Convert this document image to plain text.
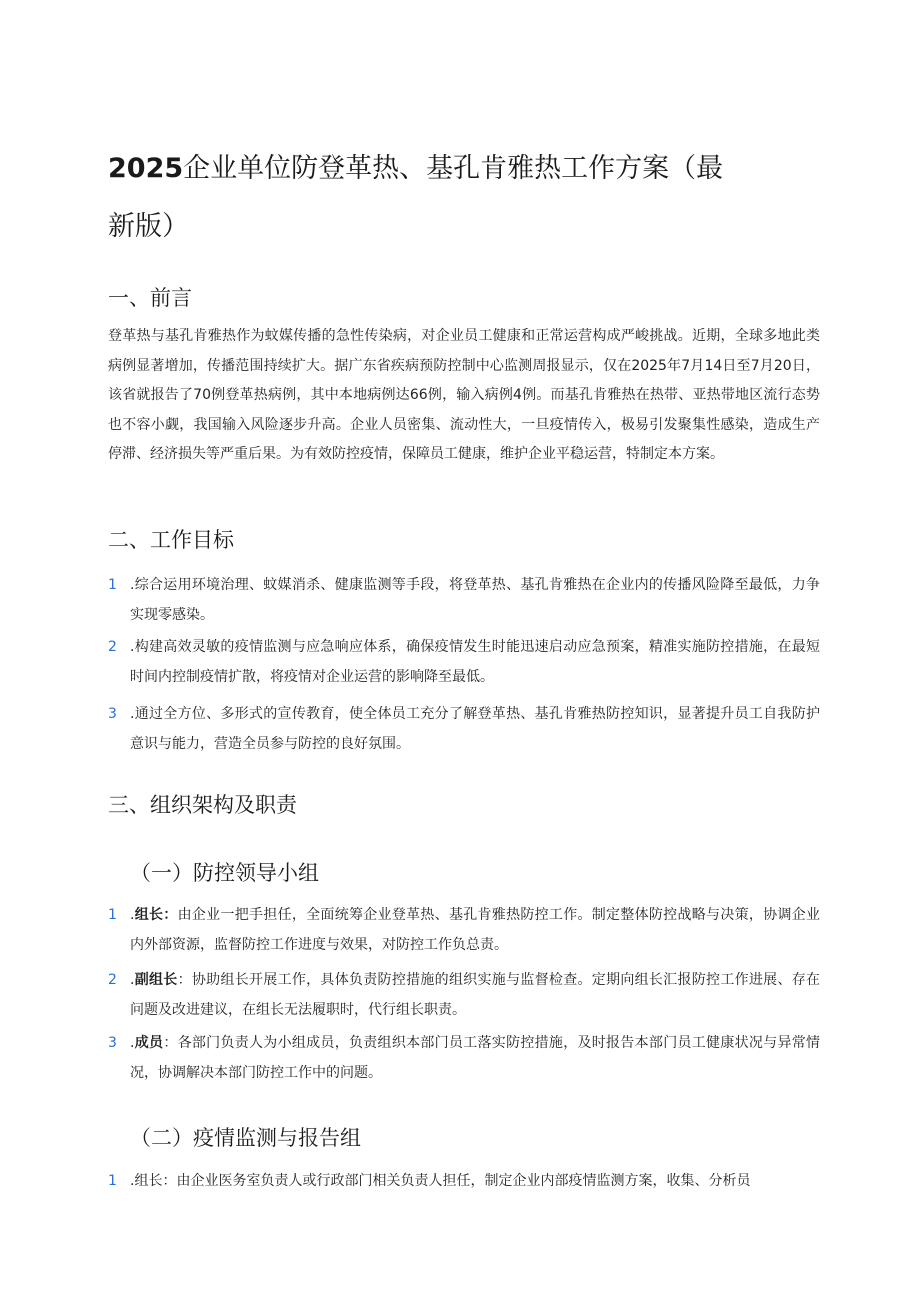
2025企业单位防登革热、基孔肯雅热工作方案（最新版）
一、前言

登革热与基孔肯雅热作为蚊媒传播的急性传染病，对企业员工健康和正常运营构成严峻挑战。近期，全球多地此类病例显著增加，传播范围持续扩大。据广东省疾病预防控制中心监测周报显示，仅在2025年7月14日至7月20日，该省就报告了70例登革热病例，其中本地病例达66例，输入病例4例。而基孔肯雅热在热带、亚热带地区流行态势也不容小觑，我国输入风险逐步升高。企业人员密集、流动性大，一旦疫情传入，极易引发聚集性感染，造成生产停滞、经济损失等严重后果。为有效防控疫情，保障员工健康，维护企业平稳运营，特制定本方案。

二、工作目标
1 .综合运用环境治理、蚊媒消杀、健康监测等手段，将登革热、基孔肯雅热在企业内的传播风险降至最低，力争实现零感染。

2 .构建高效灵敏的疫情监测与应急响应体系，确保疫情发生时能迅速启动应急预案，精准实施防控措施，在最短时间内控制疫情扩散，将疫情对企业运营的影响降至最低。

3 .通过全方位、多形式的宣传教育，使全体员工充分了解登革热、基孔肯雅热防控知识，显著提升员工自我防护意识与能力，营造全员参与防控的良好氛围。

三、组织架构及职责
（一）防控领导小组
1 .组长：由企业一把手担任，全面统筹企业登革热、基孔肯雅热防控工作。制定整体防控战略与决策，协调企业内外部资源，监督防控工作进度与效果，对防控工作负总责。

2 .副组长：协助组长开展工作，具体负责防控措施的组织实施与监督检查。定期向组长汇报防控工作进展、存在问题及改进建议，在组长无法履职时，代行组长职责。

3 .成员：各部门负责人为小组成员，负责组织本部门员工落实防控措施，及时报告本部门员工健康状况与异常情况，协调解决本部门防控工作中的问题。

（二）疫情监测与报告组
1 .组长：由企业医务室负责人或行政部门相关负责人担任，制定企业内部疫情监测方案，收集、分析员
